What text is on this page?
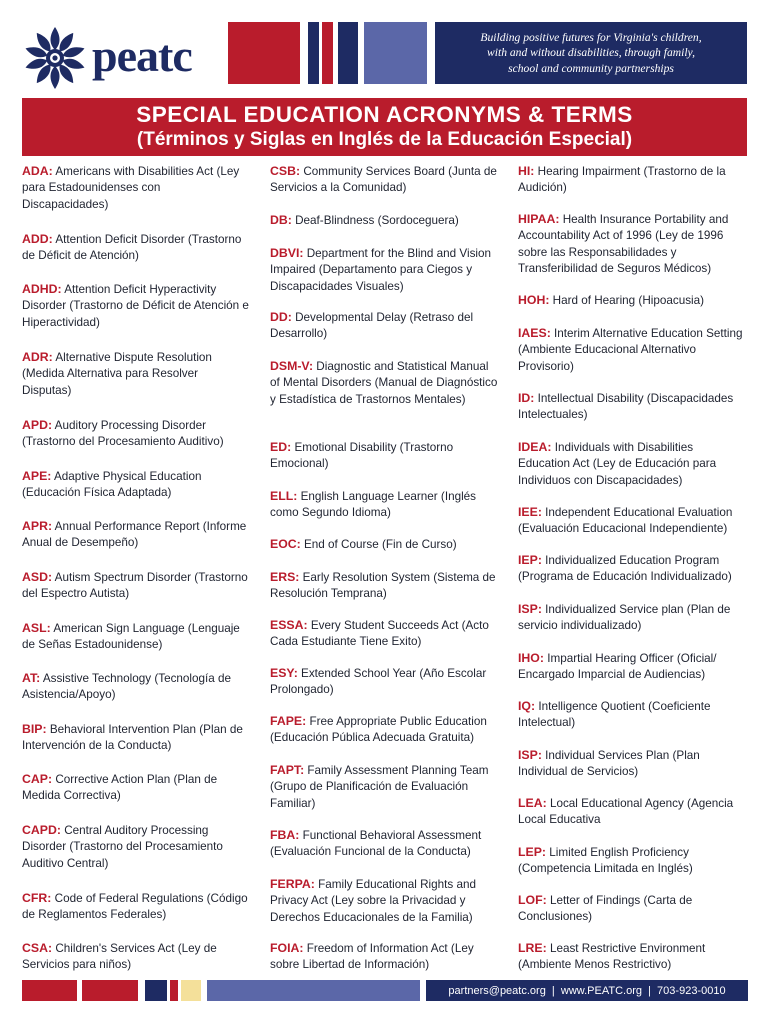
peatc	Building positive futures for Virginia's children,
with and without disabilities, through family,
school and community partnerships
SPECIAL EDUCATION ACRONYMS & TERMS
(Términos y Siglas en Inglés de la Educación Especial)
ADA: Americans with Disabilities Act (Ley para Estadounidenses con Discapacidades)
ADD: Attention Deficit Disorder (Trastorno de Déficit de Atención)
ADHD: Attention Deficit Hyperactivity Disorder (Trastorno de Déficit de Atención e Hiperactividad)
ADR: Alternative Dispute Resolution (Medida Alternativa para Resolver Disputas)
APD: Auditory Processing Disorder (Trastorno del Procesamiento Auditivo)
APE: Adaptive Physical Education (Educación Física Adaptada)
APR: Annual Performance Report (Informe Anual de Desempeño)
ASD: Autism Spectrum Disorder (Trastorno del Espectro Autista)
ASL: American Sign Language (Lenguaje de Señas Estadounidense)
AT: Assistive Technology (Tecnología de Asistencia/Apoyo)
BIP: Behavioral Intervention Plan (Plan de Intervención de la Conducta)
CAP: Corrective Action Plan (Plan de Medida Correctiva)
CAPD: Central Auditory Processing Disorder (Trastorno del Procesamiento Auditivo Central)
CFR: Code of Federal Regulations (Código de Reglamentos Federales)
CSA: Children's Services Act (Ley de Servicios para niños)
CSB: Community Services Board (Junta de Servicios a la Comunidad)
DB: Deaf-Blindness (Sordoceguera)
DBVI: Department for the Blind and Vision Impaired (Departamento para Ciegos y Discapacidades Visuales)
DD: Developmental Delay (Retraso del Desarrollo)
DSM-V: Diagnostic and Statistical Manual of Mental Disorders (Manual de Diagnóstico y Estadística de Trastornos Mentales)
ED: Emotional Disability (Trastorno Emocional)
ELL: English Language Learner (Inglés como Segundo Idioma)
EOC: End of Course (Fin de Curso)
ERS: Early Resolution System (Sistema de Resolución Temprana)
ESSA: Every Student Succeeds Act (Acto Cada Estudiante Tiene Exito)
ESY: Extended School Year (Año Escolar Prolongado)
FAPE: Free Appropriate Public Education (Educación Pública Adecuada Gratuita)
FAPT: Family Assessment Planning Team (Grupo de Planificación de Evaluación Familiar)
FBA: Functional Behavioral Assessment (Evaluación Funcional de la Conducta)
FERPA: Family Educational Rights and Privacy Act (Ley sobre la Privacidad y Derechos Educacionales de la Familia)
FOIA: Freedom of Information Act (Ley sobre Libertad de Información)
HI: Hearing Impairment (Trastorno de la Audición)
HIPAA: Health Insurance Portability and Accountability Act of 1996 (Ley de 1996 sobre las Responsabilidades y Transferibilidad de Seguros Médicos)
HOH: Hard of Hearing (Hipoacusia)
IAES: Interim Alternative Education Setting (Ambiente Educacional Alternativo Provisorio)
ID: Intellectual Disability (Discapacidades Intelectuales)
IDEA: Individuals with Disabilities Education Act (Ley de Educación para Individuos con Discapacidades)
IEE: Independent Educational Evaluation (Evaluación Educacional Independiente)
IEP: Individualized Education Program (Programa de Educación Individualizado)
ISP: Individualized Service plan (Plan de servicio individualizado)
IHO: Impartial Hearing Officer (Oficial/ Encargado Imparcial de Audiencias)
IQ: Intelligence Quotient (Coeficiente Intelectual)
ISP: Individual Services Plan (Plan Individual de Servicios)
LEA: Local Educational Agency (Agencia Local Educativa
LEP: Limited English Proficiency (Competencia Limitada en Inglés)
LOF: Letter of Findings (Carta de Conclusiones)
LRE: Least Restrictive Environment (Ambiente Menos Restrictivo)
partners@peatc.org  |  www.PEATC.org  |  703-923-0010
